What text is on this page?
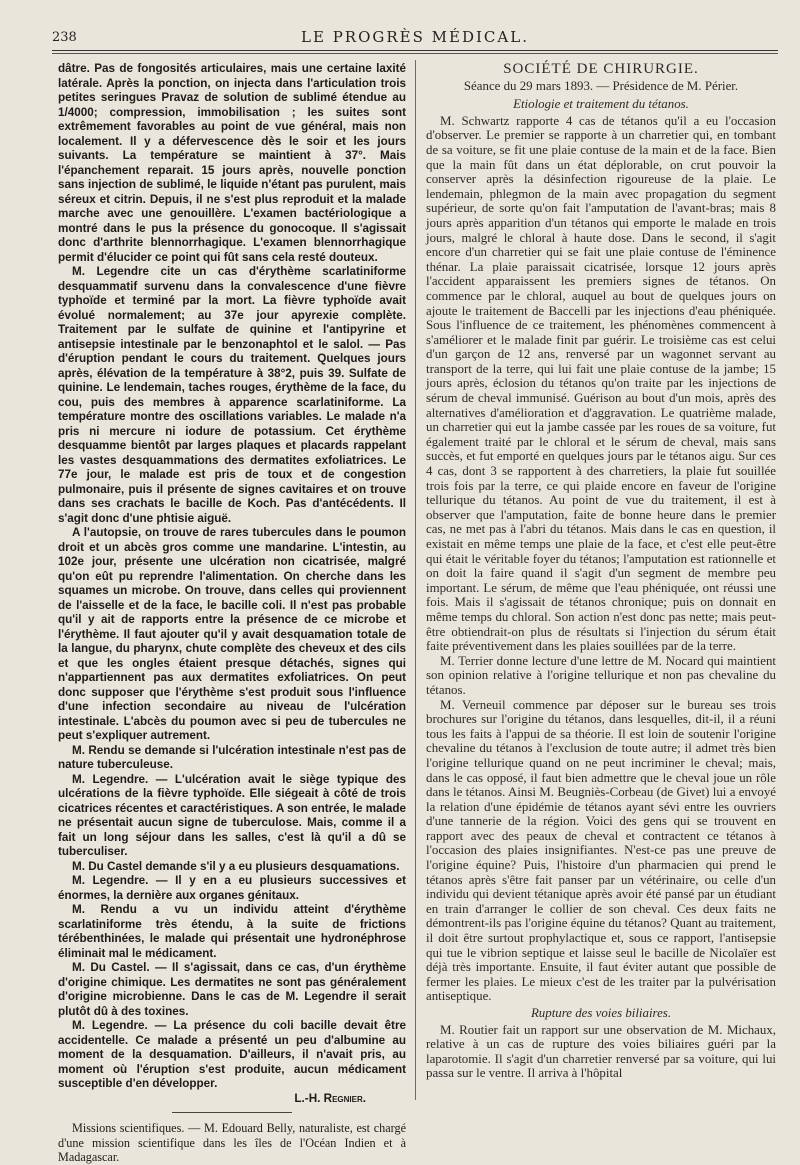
238	LE PROGRÈS MÉDICAL.

dâtre. Pas de fongosités articulaires, mais une certaine laxité latérale. Après la ponction, on injecta dans l'articulation trois petites seringues Pravaz de solution de sublimé étendue au 1/4000; compression, immobilisation ; les suites sont extrêmement favorables au point de vue général, mais non localement. Il y a défervescence dès le soir et les jours suivants. La température se maintient à 37°. Mais l'épanchement reparait. 15 jours après, nouvelle ponction sans injection de sublimé, le liquide n'étant pas purulent, mais séreux et citrin. Depuis, il ne s'est plus reproduit et la malade marche avec une genouillère. L'examen bactériologique a montré dans le pus la présence du gonocoque. Il s'agissait donc d'arthrite blennorrhagique. L'examen blennorrhagique permit d'élucider ce point qui fût sans cela resté douteux.

M. Legendre cite un cas d'érythème scarlatiniforme desquammatif survenu dans la convalescence d'une fièvre typhoïde et terminé par la mort. La fièvre typhoïde avait évolué normalement; au 37e jour apyrexie complète. Traitement par le sulfate de quinine et l'antipyrine et antisepsie intestinale par le benzonaphtol et le salol. — Pas d'éruption pendant le cours du traitement. Quelques jours après, élévation de la température à 38°2, puis 39. Sulfate de quinine. Le lendemain, taches rouges, érythème de la face, du cou, puis des membres à apparence scarlatiniforme. La température montre des oscillations variables. Le malade n'a pris ni mercure ni iodure de potassium. Cet érythème desquamme bientôt par larges plaques et placards rappelant les vastes desquammations des dermatites exfoliatrices. Le 77e jour, le malade est pris de toux et de congestion pulmonaire, puis il présente de signes cavitaires et on trouve dans ses crachats le bacille de Koch. Pas d'antécédents. Il s'agit donc d'une phtisie aiguë.

A l'autopsie, on trouve de rares tubercules dans le poumon droit et un abcès gros comme une mandarine. L'intestin, au 102e jour, présente une ulcération non cicatrisée, malgré qu'on eût pu reprendre l'alimentation. On cherche dans les squames un microbe. On trouve, dans celles qui proviennent de l'aisselle et de la face, le bacille coli. Il n'est pas probable qu'il y ait de rapports entre la présence de ce microbe et l'érythème. Il faut ajouter qu'il y avait desquamation totale de la langue, du pharynx, chute complète des cheveux et des cils et que les ongles étaient presque détachés, signes qui n'appartiennent pas aux dermatites exfoliatrices. On peut donc supposer que l'érythème s'est produit sous l'influence d'une infection secondaire au niveau de l'ulcération intestinale. L'abcès du poumon avec si peu de tubercules ne peut s'expliquer autrement.

M. Rendu se demande si l'ulcération intestinale n'est pas de nature tuberculeuse.

M. Legendre. — L'ulcération avait le siège typique des ulcérations de la fièvre typhoïde. Elle siégeait à côté de trois cicatrices récentes et caractéristiques. A son entrée, le malade ne présentait aucun signe de tuberculose. Mais, comme il a fait un long séjour dans les salles, c'est là qu'il a dû se tuberculiser.

M. Du Castel demande s'il y a eu plusieurs desquamations.

M. Legendre. — Il y en a eu plusieurs successives et énormes, la dernière aux organes génitaux.

M. Rendu a vu un individu atteint d'érythème scarlatiniforme très étendu, à la suite de frictions térébenthinées, le malade qui présentait une hydronéphrose éliminait mal le médicament.

M. Du Castel. — Il s'agissait, dans ce cas, d'un érythème d'origine chimique. Les dermatites ne sont pas généralement d'origine microbienne. Dans le cas de M. Legendre il serait plutôt dû à des toxines.

M. Legendre. — La présence du coli bacille devait être accidentelle. Ce malade a présenté un peu d'albumine au moment de la desquamation. D'ailleurs, il n'avait pris, au moment où l'éruption s'est produite, aucun médicament susceptible d'en développer.

L.-H. Regnier.

Missions scientifiques. — M. Edouard Belly, naturaliste, est chargé d'une mission scientifique dans les îles de l'Océan Indien et à Madagascar.

SOCIÉTÉ DE CHIRURGIE.
Séance du 29 mars 1893. — Présidence de M. Périer.
Etiologie et traitement du tétanos.

M. Schwartz rapporte 4 cas de tétanos qu'il a eu l'occasion d'observer. Le premier se rapporte à un charretier qui, en tombant de sa voiture, se fit une plaie contuse de la main et de la face. Bien que la main fût dans un état déplorable, on crut pouvoir la conserver après la désinfection rigoureuse de la plaie. Le lendemain, phlegmon de la main avec propagation du segment supérieur, de sorte qu'on fait l'amputation de l'avant-bras; mais 8 jours après apparition d'un tétanos qui emporte le malade en trois jours, malgré le chloral à haute dose. Dans le second, il s'agit encore d'un charretier qui se fait une plaie contuse de l'éminence thénar. La plaie paraissait cicatrisée, lorsque 12 jours après l'accident apparaissent les premiers signes de tétanos. On commence par le chloral, auquel au bout de quelques jours on ajoute le traitement de Baccelli par les injections d'eau phéniquée. Sous l'influence de ce traitement, les phénomènes commencent à s'améliorer et le malade finit par guérir. Le troisième cas est celui d'un garçon de 12 ans, renversé par un wagonnet servant au transport de la terre, qui lui fait une plaie contuse de la jambe; 15 jours après, éclosion du tétanos qu'on traite par les injections de sérum de cheval immunisé. Guérison au bout d'un mois, après des alternatives d'amélioration et d'aggravation. Le quatrième malade, un charretier qui eut la jambe cassée par les roues de sa voiture, fut également traité par le chloral et le sérum de cheval, mais sans succès, et fut emporté en quelques jours par le tétanos aigu. Sur ces 4 cas, dont 3 se rapportent à des charretiers, la plaie fut souillée trois fois par la terre, ce qui plaide encore en faveur de l'origine tellurique du tétanos. Au point de vue du traitement, il est à observer que l'amputation, faite de bonne heure dans le premier cas, ne met pas à l'abri du tétanos. Mais dans le cas en question, il existait en même temps une plaie de la face, et c'est elle peut-être qui était le véritable foyer du tétanos; l'amputation est rationnelle et on doit la faire quand il s'agit d'un segment de membre peu important. Le sérum, de même que l'eau phéniquée, ont réussi une fois. Mais il s'agissait de tétanos chronique; puis on donnait en même temps du chloral. Son action n'est donc pas nette; mais peut-être obtiendrait-on plus de résultats si l'injection du sérum était faite préventivement dans les plaies souillées par de la terre.

M. Terrier donne lecture d'une lettre de M. Nocard qui maintient son opinion relative à l'origine tellurique et non pas chevaline du tétanos.

M. Verneuil commence par déposer sur le bureau ses trois brochures sur l'origine du tétanos, dans lesquelles, dit-il, il a réuni tous les faits à l'appui de sa théorie. Il est loin de soutenir l'origine chevaline du tétanos à l'exclusion de toute autre; il admet très bien l'origine tellurique quand on ne peut incriminer le cheval; mais, dans le cas opposé, il faut bien admettre que le cheval joue un rôle dans le tétanos. Ainsi M. Beugniès-Corbeau (de Givet) lui a envoyé la relation d'une épidémie de tétanos ayant sévi entre les ouvriers d'une tannerie de la région. Voici des gens qui se trouvent en rapport avec des peaux de cheval et contractent ce tétanos à l'occasion des plaies insignifiantes. N'est-ce pas une preuve de l'origine équine? Puis, l'histoire d'un pharmacien qui prend le tétanos après s'être fait panser par un vétérinaire, ou celle d'un individu qui devient tétanique après avoir été pansé par un étudiant en train d'arranger le collier de son cheval. Ces deux faits ne démontrent-ils pas l'origine équine du tétanos? Quant au traitement, il doit être surtout prophylactique et, sous ce rapport, l'antisepsie qui tue le vibrion septique et laisse seul le bacille de Nicolaïer est déjà très importante. Ensuite, il faut éviter autant que possible de fermer les plaies. Le mieux c'est de les traiter par la pulvérisation antiseptique.

Rupture des voies biliaires.

M. Routier fait un rapport sur une observation de M. Michaux, relative à un cas de rupture des voies biliaires guéri par la laparotomie. Il s'agit d'un charretier renversé par sa voiture, qui lui passa sur le ventre. Il arriva à l'hôpital
